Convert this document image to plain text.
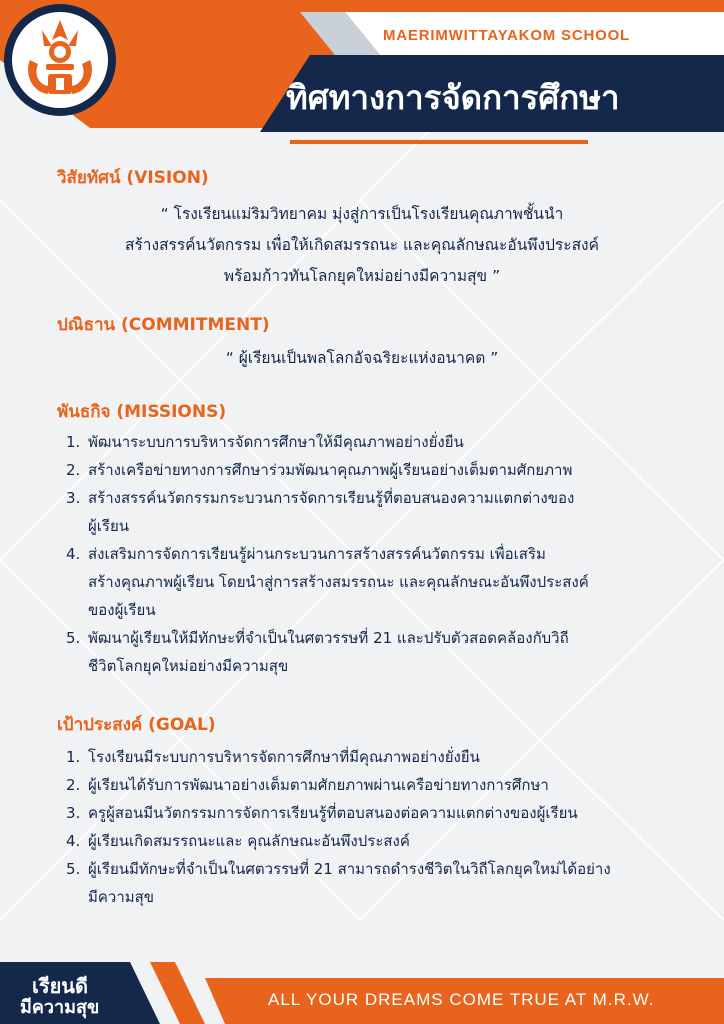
MAERIMWITTAYAKOM SCHOOL
ทิศทางการจัดการศึกษา
วิสัยทัศน์ (VISION)
“ โรงเรียนแม่ริมวิทยาคม มุ่งสู่การเป็นโรงเรียนคุณภาพชั้นนำ
สร้างสรรค์นวัตกรรม เพื่อให้เกิดสมรรถนะ และคุณลักษณะอันพึงประสงค์
พร้อมก้าวทันโลกยุคใหม่อย่างมีความสุข ”
ปณิธาน (COMMITMENT)
“ ผู้เรียนเป็นพลโลกอัจฉริยะแห่งอนาคต ”
พันธกิจ (MISSIONS)
1. พัฒนาระบบการบริหารจัดการศึกษาให้มีคุณภาพอย่างยั่งยืน
2. สร้างเครือข่ายทางการศึกษาร่วมพัฒนาคุณภาพผู้เรียนอย่างเต็มตามศักยภาพ
3. สร้างสรรค์นวัตกรรมกระบวนการจัดการเรียนรู้ที่ตอบสนองความแตกต่างของ
ผู้เรียน
4. ส่งเสริมการจัดการเรียนรู้ผ่านกระบวนการสร้างสรรค์นวัตกรรม เพื่อเสริม
สร้างคุณภาพผู้เรียน โดยนำสู่การสร้างสมรรถนะ และคุณลักษณะอันพึงประสงค์
ของผู้เรียน
5. พัฒนาผู้เรียนให้มีทักษะที่จำเป็นในศตวรรษที่ 21 และปรับตัวสอดคล้องกับวิถี
ชีวิตโลกยุคใหม่อย่างมีความสุข
เป้าประสงค์ (GOAL)
1. โรงเรียนมีระบบการบริหารจัดการศึกษาที่มีคุณภาพอย่างยั่งยืน
2. ผู้เรียนได้รับการพัฒนาอย่างเต็มตามศักยภาพผ่านเครือข่ายทางการศึกษา
3. ครูผู้สอนมีนวัตกรรมการจัดการเรียนรู้ที่ตอบสนองต่อความแตกต่างของผู้เรียน
4. ผู้เรียนเกิดสมรรถนะและ คุณลักษณะอันพึงประสงค์
5. ผู้เรียนมีทักษะที่จำเป็นในศตวรรษที่ 21 สามารถดำรงชีวิตในวิถีโลกยุคใหม่ได้อย่าง
มีความสุข
เรียนดี
มีความสุข	ALL YOUR DREAMS COME TRUE AT M.R.W.
